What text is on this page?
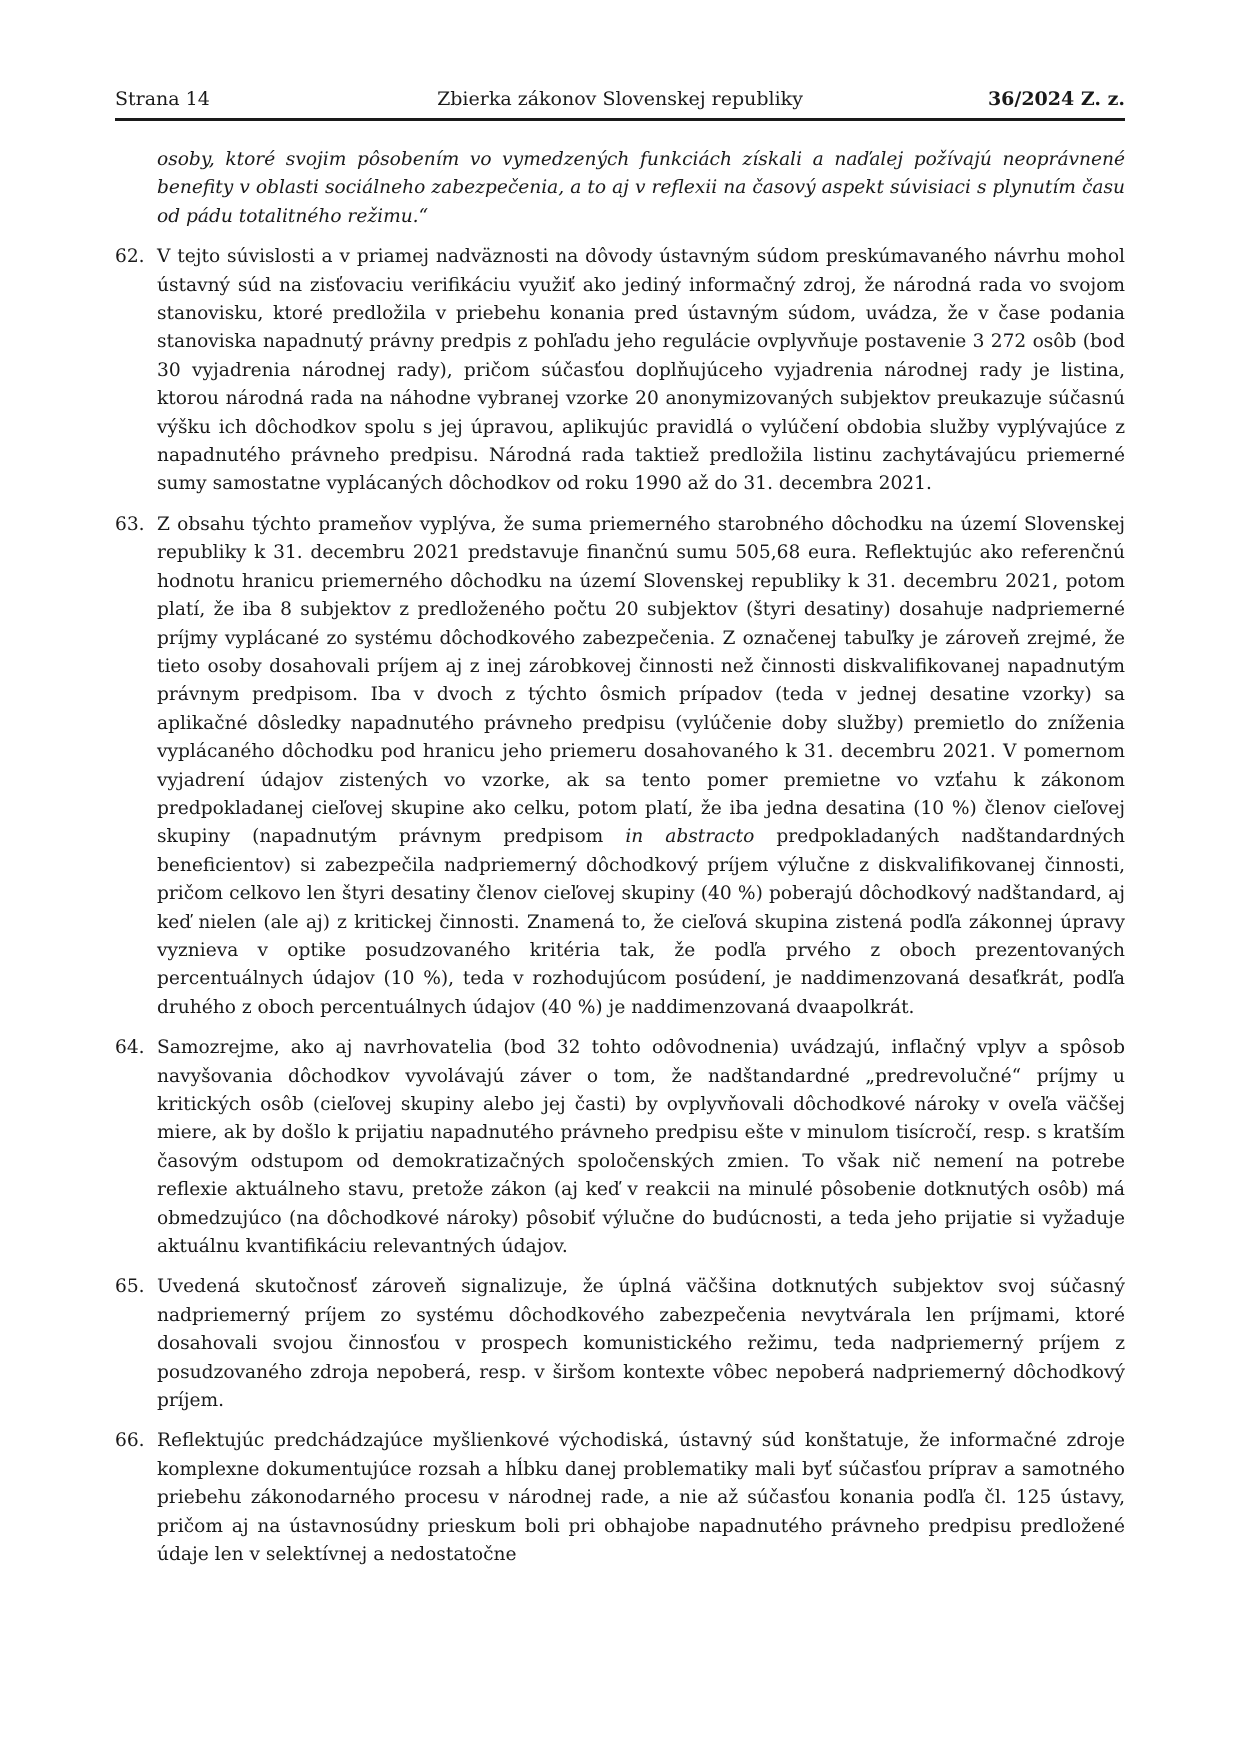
Strana 14	Zbierka zákonov Slovenskej republiky	36/2024 Z. z.
osoby, ktoré svojim pôsobením vo vymedzených funkciách získali a naďalej požívajú neoprávnené benefity v oblasti sociálneho zabezpečenia, a to aj v reflexii na časový aspekt súvisiaci s plynutím času od pádu totalitného režimu.“
62. V tejto súvislosti a v priamej nadväznosti na dôvody ústavným súdom preskúmavaného návrhu mohol ústavný súd na zisťovaciu verifikáciu využiť ako jediný informačný zdroj, že národná rada vo svojom stanovisku, ktoré predložila v priebehu konania pred ústavným súdom, uvádza, že v čase podania stanoviska napadnutý právny predpis z pohľadu jeho regulácie ovplyvňuje postavenie 3 272 osôb (bod 30 vyjadrenia národnej rady), pričom súčasťou doplňujúceho vyjadrenia národnej rady je listina, ktorou národná rada na náhodne vybranej vzorke 20 anonymizovaných subjektov preukazuje súčasnú výšku ich dôchodkov spolu s jej úpravou, aplikujúc pravidlá o vylúčení obdobia služby vyplývajúce z napadnutého právneho predpisu. Národná rada taktiež predložila listinu zachytávajúcu priemerné sumy samostatne vyplácaných dôchodkov od roku 1990 až do 31. decembra 2021.
63. Z obsahu týchto prameňov vyplýva, že suma priemerného starobného dôchodku na území Slovenskej republiky k 31. decembru 2021 predstavuje finančnú sumu 505,68 eura. Reflektujúc ako referenčnú hodnotu hranicu priemerného dôchodku na území Slovenskej republiky k 31. decembru 2021, potom platí, že iba 8 subjektov z predloženého počtu 20 subjektov (štyri desatiny) dosahuje nadpriemerné príjmy vyplácané zo systému dôchodkového zabezpečenia. Z označenej tabuľky je zároveň zrejmé, že tieto osoby dosahovali príjem aj z inej zárobkovej činnosti než činnosti diskvalifikovanej napadnutým právnym predpisom. Iba v dvoch z týchto ôsmich prípadov (teda v jednej desatine vzorky) sa aplikačné dôsledky napadnutého právneho predpisu (vylúčenie doby služby) premietlo do zníženia vyplácaného dôchodku pod hranicu jeho priemeru dosahovaného k 31. decembru 2021. V pomernom vyjadrení údajov zistených vo vzorke, ak sa tento pomer premietne vo vzťahu k zákonom predpokladanej cieľovej skupine ako celku, potom platí, že iba jedna desatina (10 %) členov cieľovej skupiny (napadnutým právnym predpisom in abstracto predpokladaných nadštandardných beneficientov) si zabezpečila nadpriemerný dôchodkový príjem výlučne z diskvalifikovanej činnosti, pričom celkovo len štyri desatiny členov cieľovej skupiny (40 %) poberajú dôchodkový nadštandard, aj keď nielen (ale aj) z kritickej činnosti. Znamená to, že cieľová skupina zistená podľa zákonnej úpravy vyznieva v optike posudzovaného kritéria tak, že podľa prvého z oboch prezentovaných percentuálnych údajov (10 %), teda v rozhodujúcom posúdení, je naddimenzovaná desaťkrát, podľa druhého z oboch percentuálnych údajov (40 %) je naddimenzovaná dvaapolkrát.
64. Samozrejme, ako aj navrhovatelia (bod 32 tohto odôvodnenia) uvádzajú, inflačný vplyv a spôsob navyšovania dôchodkov vyvolávajú záver o tom, že nadštandardné „predrevolučné“ príjmy u kritických osôb (cieľovej skupiny alebo jej časti) by ovplyvňovali dôchodkové nároky v oveľa väčšej miere, ak by došlo k prijatiu napadnutého právneho predpisu ešte v minulom tisícročí, resp. s kratším časovým odstupom od demokratizačných spoločenských zmien. To však nič nemení na potrebe reflexie aktuálneho stavu, pretože zákon (aj keď v reakcii na minulé pôsobenie dotknutých osôb) má obmedzujúco (na dôchodkové nároky) pôsobiť výlučne do budúcnosti, a teda jeho prijatie si vyžaduje aktuálnu kvantifikáciu relevantných údajov.
65. Uvedená skutočnosť zároveň signalizuje, že úplná väčšina dotknutých subjektov svoj súčasný nadpriemerný príjem zo systému dôchodkového zabezpečenia nevytvárala len príjmami, ktoré dosahovali svojou činnosťou v prospech komunistického režimu, teda nadpriemerný príjem z posudzovaného zdroja nepoberá, resp. v širšom kontexte vôbec nepoberá nadpriemerný dôchodkový príjem.
66. Reflektujúc predchádzajúce myšlienkové východiská, ústavný súd konštatuje, že informačné zdroje komplexne dokumentujúce rozsah a hĺbku danej problematiky mali byť súčasťou príprav a samotného priebehu zákonodarného procesu v národnej rade, a nie až súčasťou konania podľa čl. 125 ústavy, pričom aj na ústavnosúdny prieskum boli pri obhajobe napadnutého právneho predpisu predložené údaje len v selektívnej a nedostatočne
